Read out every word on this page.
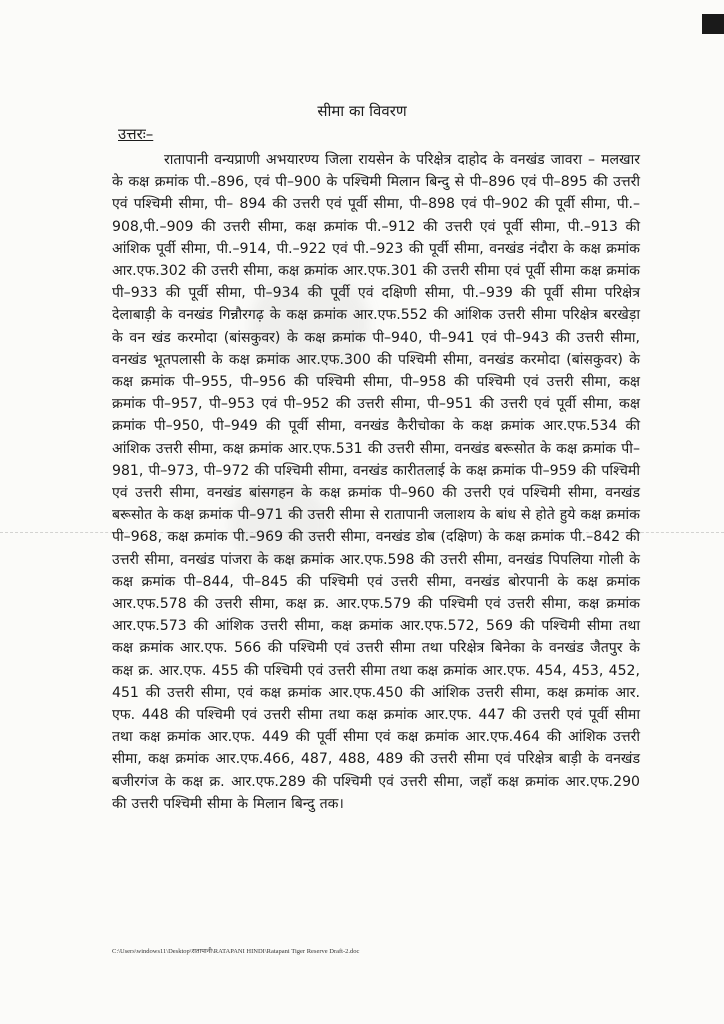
सीमा का विवरण
उत्तरः–
रातापानी वन्यप्राणी अभयारण्य जिला रायसेन के परिक्षेत्र दाहोद के वनखंड जावरा – मलखार के कक्ष क्रमांक पी.–896, एवं पी–900 के पश्चिमी मिलान बिन्दु से पी–896 एवं पी–895 की उत्तरी एवं पश्चिमी सीमा, पी– 894 की उत्तरी एवं पूर्वी सीमा, पी–898 एवं पी–902 की पूर्वी सीमा, पी.–908,पी.–909 की उत्तरी सीमा, कक्ष क्रमांक पी.–912 की उत्तरी एवं पूर्वी सीमा, पी.–913 की आंशिक पूर्वी सीमा, पी.–914, पी.–922 एवं पी.–923 की पूर्वी सीमा, वनखंड नंदौरा के कक्ष क्रमांक आर.एफ.302 की उत्तरी सीमा, कक्ष क्रमांक आर.एफ.301 की उत्तरी सीमा एवं पूर्वी सीमा कक्ष क्रमांक पी–933 की पूर्वी सीमा, पी–934 की पूर्वी एवं दक्षिणी सीमा, पी.–939 की पूर्वी सीमा परिक्षेत्र देलाबाड़ी के वनखंड गिन्नौरगढ़ के कक्ष क्रमांक आर.एफ.552 की आंशिक उत्तरी सीमा परिक्षेत्र बरखेड़ा के वन खंड करमोदा (बांसकुवर) के कक्ष क्रमांक पी–940, पी–941 एवं पी–943 की उत्तरी सीमा, वनखंड भूतपलासी के कक्ष क्रमांक आर.एफ.300 की पश्चिमी सीमा, वनखंड करमोदा (बांसकुवर) के कक्ष क्रमांक पी–955, पी–956 की पश्चिमी सीमा, पी–958 की पश्चिमी एवं उत्तरी सीमा, कक्ष क्रमांक पी–957, पी–953 एवं पी–952 की उत्तरी सीमा, पी–951 की उत्तरी एवं पूर्वी सीमा, कक्ष क्रमांक पी–950, पी–949 की पूर्वी सीमा, वनखंड कैरीचोका के कक्ष क्रमांक आर.एफ.534 की आंशिक उत्तरी सीमा, कक्ष क्रमांक आर.एफ.531 की उत्तरी सीमा, वनखंड बरूसोत के कक्ष क्रमांक पी–981, पी–973, पी–972 की पश्चिमी सीमा, वनखंड कारीतलाई के कक्ष क्रमांक पी–959 की पश्चिमी एवं उत्तरी सीमा, वनखंड बांसगहन के कक्ष क्रमांक पी–960 की उत्तरी एवं पश्चिमी सीमा, वनखंड बरूसोत के कक्ष क्रमांक पी–971 की उत्तरी सीमा से रातापानी जलाशय के बांध से होते हुये कक्ष क्रमांक पी–968, कक्ष क्रमांक पी.–969 की उत्तरी सीमा, वनखंड डोब (दक्षिण) के कक्ष क्रमांक पी.–842 की उत्तरी सीमा, वनखंड पांजरा के कक्ष क्रमांक आर.एफ.598 की उत्तरी सीमा, वनखंड पिपलिया गोली के कक्ष क्रमांक पी–844, पी–845 की पश्चिमी एवं उत्तरी सीमा, वनखंड बोरपानी के कक्ष क्रमांक आर.एफ.578 की उत्तरी सीमा, कक्ष क्र. आर.एफ.579 की पश्चिमी एवं उत्तरी सीमा, कक्ष क्रमांक आर.एफ.573 की आंशिक उत्तरी सीमा, कक्ष क्रमांक आर.एफ.572, 569 की पश्चिमी सीमा तथा कक्ष क्रमांक आर.एफ. 566 की पश्चिमी एवं उत्तरी सीमा तथा परिक्षेत्र बिनेका के वनखंड जैतपुर के कक्ष क्र. आर.एफ. 455 की पश्चिमी एवं उत्तरी सीमा तथा कक्ष क्रमांक आर.एफ. 454, 453, 452, 451 की उत्तरी सीमा, एवं कक्ष क्रमांक आर.एफ.450 की आंशिक उत्तरी सीमा, कक्ष क्रमांक आर. एफ. 448 की पश्चिमी एवं उत्तरी सीमा तथा कक्ष क्रमांक आर.एफ. 447 की उत्तरी एवं पूर्वी सीमा तथा कक्ष क्रमांक आर.एफ. 449 की पूर्वी सीमा एवं कक्ष क्रमांक आर.एफ.464 की आंशिक उत्तरी सीमा, कक्ष क्रमांक आर.एफ.466, 487, 488, 489 की उत्तरी सीमा एवं परिक्षेत्र बाड़ी के वनखंड बजीरगंज के कक्ष क्र. आर.एफ.289 की पश्चिमी एवं उत्तरी सीमा, जहाँ कक्ष क्रमांक आर.एफ.290 की उत्तरी पश्चिमी सीमा के मिलान बिन्दु तक।
C:\Users\windows11\Desktop\रातापानी\RATAPANI HINDI\Ratapani Tiger Reserve Draft-2.doc
